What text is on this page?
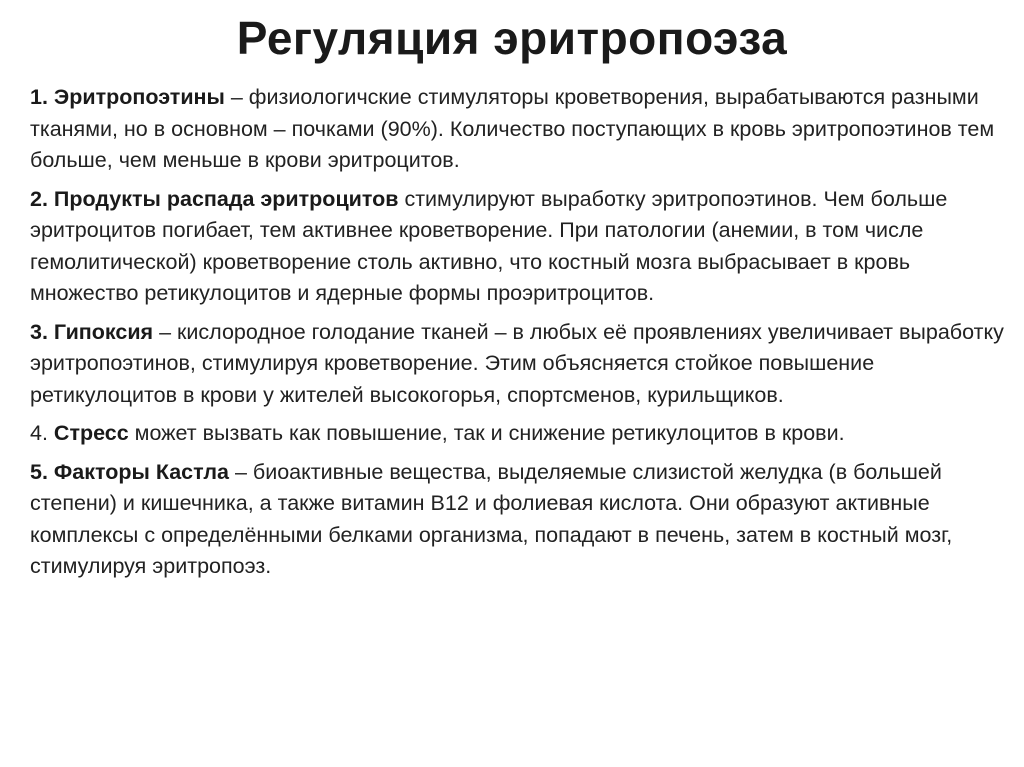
Регуляция эритропоэза

1. Эритропоэтины – физиологичские стимуляторы кроветворения, вырабатываются разными тканями, но в основном – почками (90%). Количество поступающих в кровь эритропоэтинов тем больше, чем меньше в крови эритроцитов.

2. Продукты распада эритроцитов стимулируют выработку эритропоэтинов. Чем больше эритроцитов погибает, тем активнее кроветворение. При патологии (анемии, в том числе гемолитической) кроветворение столь активно, что костный мозга выбрасывает в кровь множество ретикулоцитов и ядерные формы проэритроцитов.

3. Гипоксия – кислородное голодание тканей – в любых её проявлениях увеличивает выработку эритропоэтинов, стимулируя кроветворение. Этим объясняется стойкое повышение ретикулоцитов в крови у жителей высокогорья, спортсменов, курильщиков.

4. Стресс может вызвать как повышение, так и снижение ретикулоцитов в крови.

5. Факторы Кастла – биоактивные вещества, выделяемые слизистой желудка (в большей степени) и кишечника, а также витамин В12 и фолиевая кислота. Они образуют активные комплексы с определёнными белками организма, попадают в печень, затем в костный мозг, стимулируя эритропоэз.
